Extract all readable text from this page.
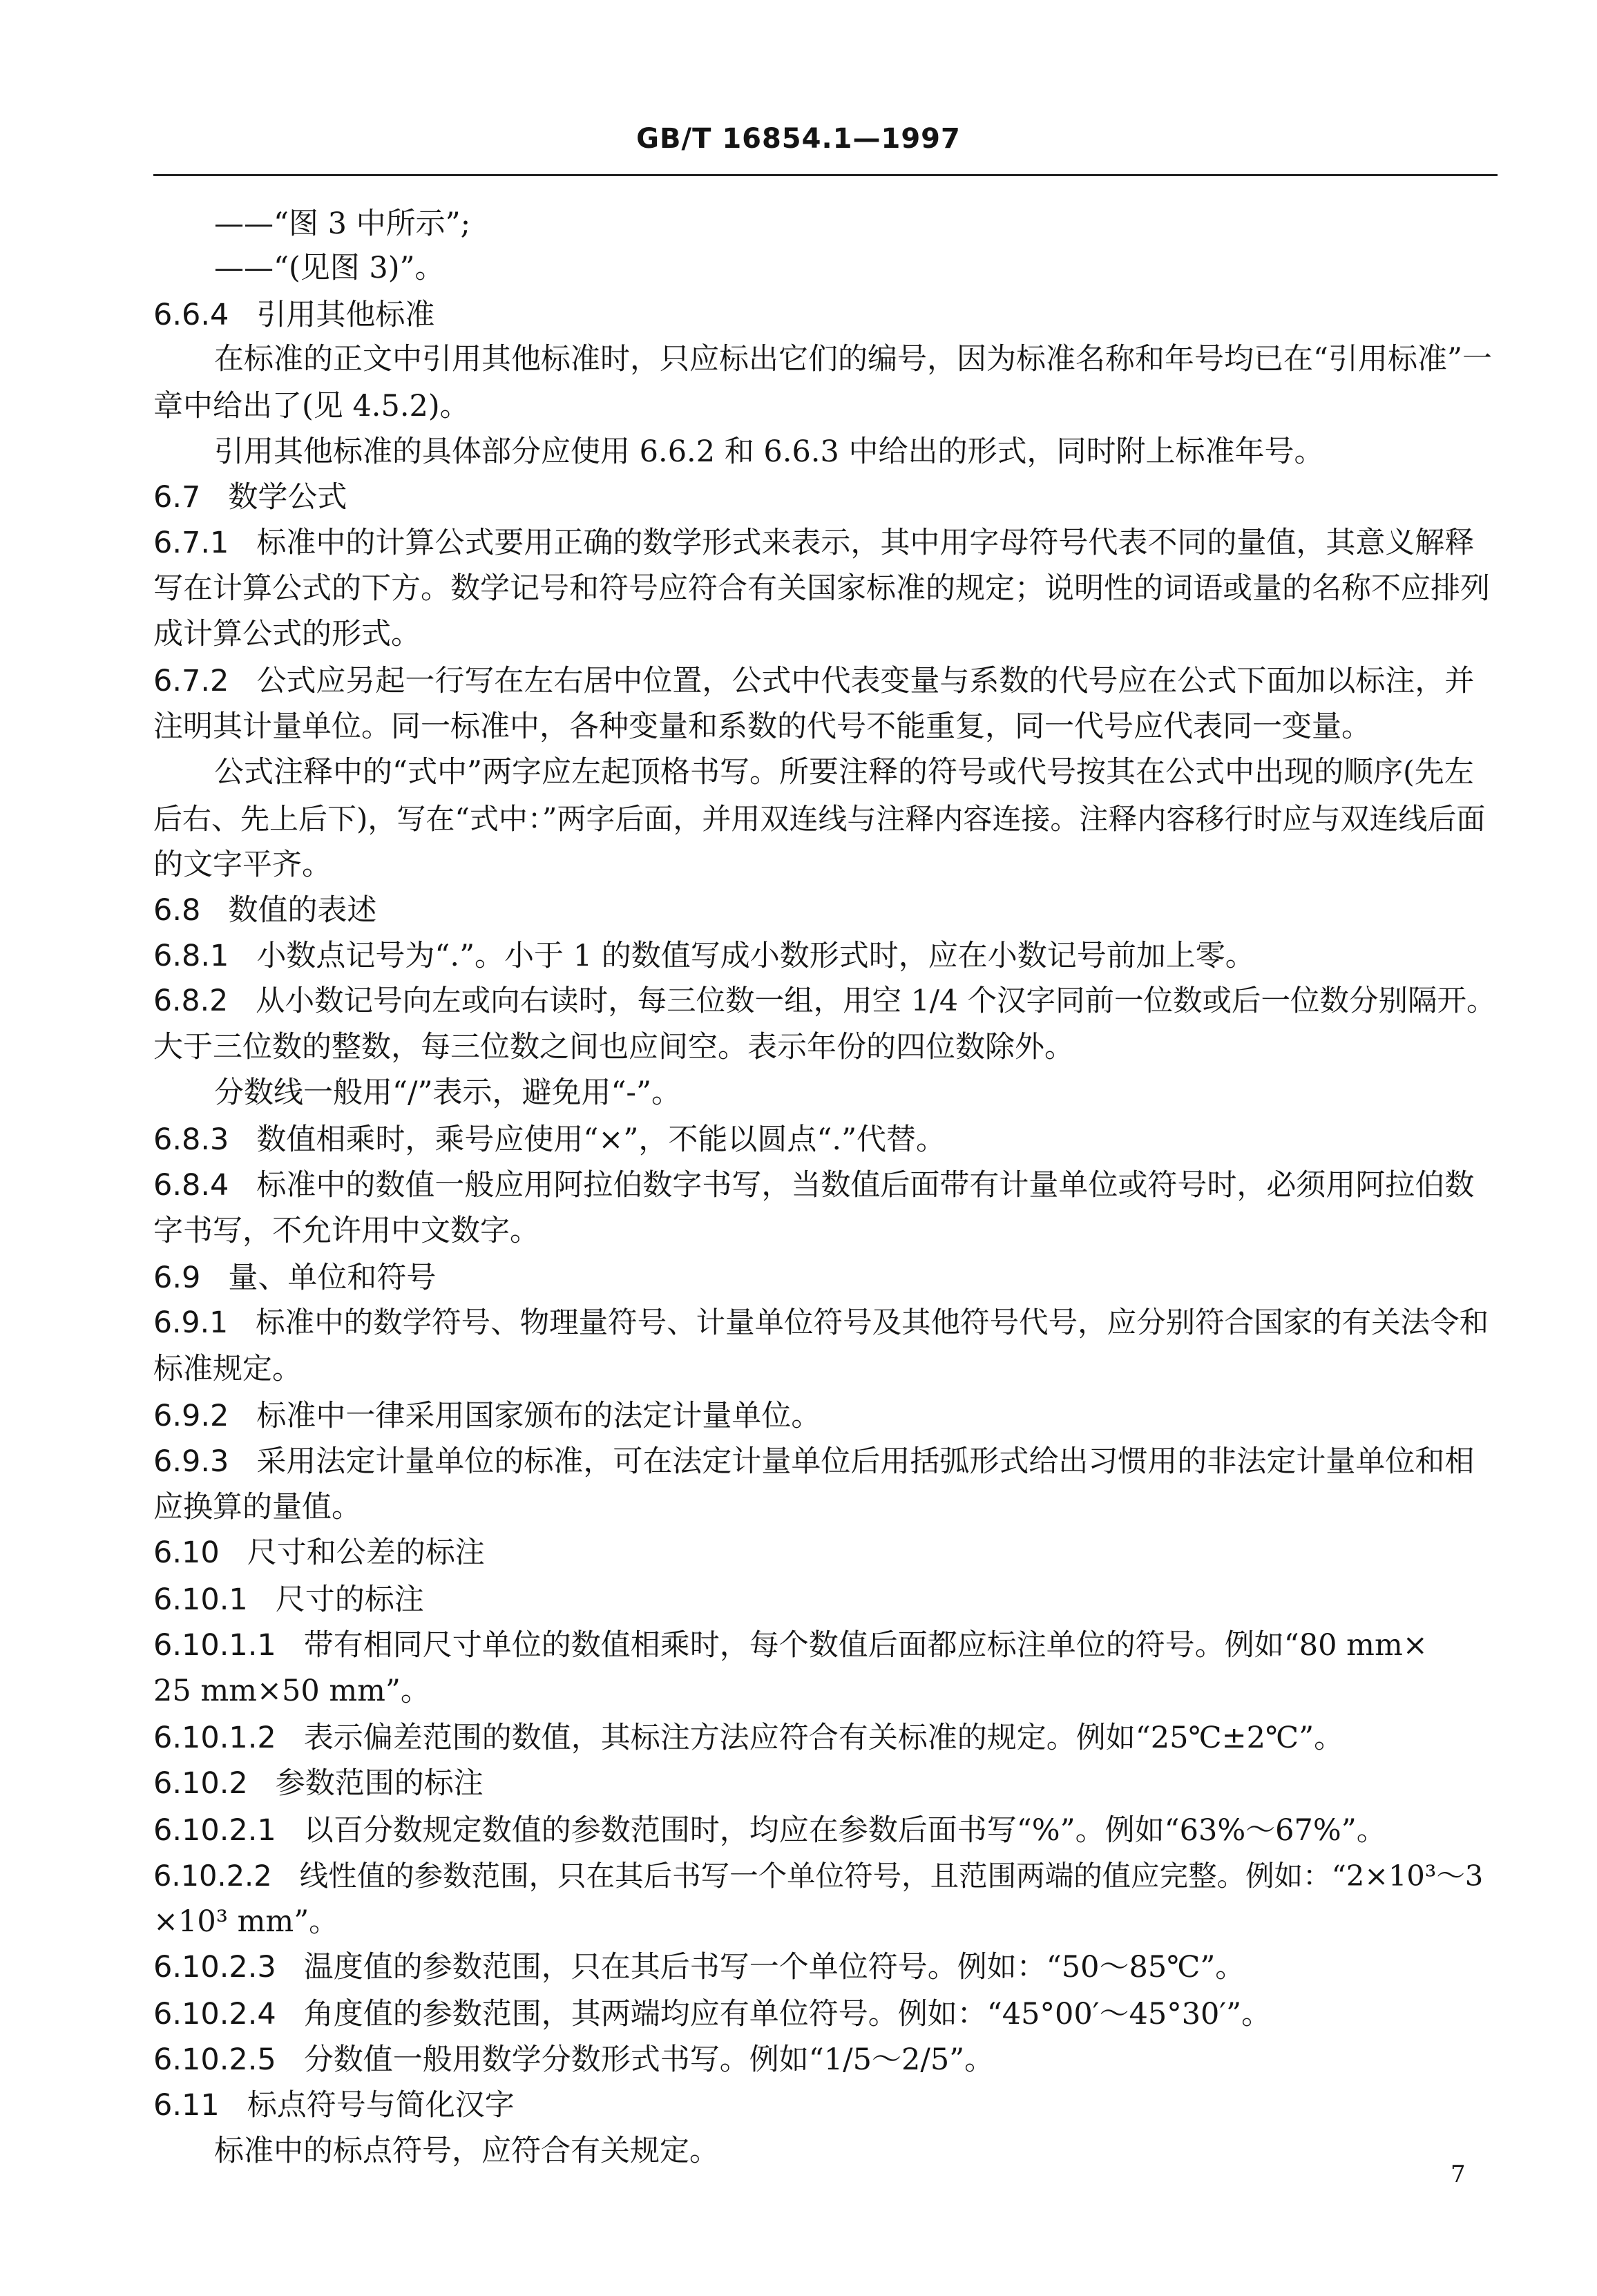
GB/T 16854.1—1997
——“图 3 中所示”;
——“(见图 3)”。
6.6.4 引用其他标准
在标准的正文中引用其他标准时，只应标出它们的编号，因为标准名称和年号均已在“引用标准”一
章中给出了(见 4.5.2)。
引用其他标准的具体部分应使用 6.6.2 和 6.6.3 中给出的形式，同时附上标准年号。
6.7 数学公式
6.7.1 标准中的计算公式要用正确的数学形式来表示，其中用字母符号代表不同的量值，其意义解释
写在计算公式的下方。数学记号和符号应符合有关国家标准的规定；说明性的词语或量的名称不应排列
成计算公式的形式。
6.7.2 公式应另起一行写在左右居中位置，公式中代表变量与系数的代号应在公式下面加以标注，并
注明其计量单位。同一标准中，各种变量和系数的代号不能重复，同一代号应代表同一变量。
公式注释中的“式中”两字应左起顶格书写。所要注释的符号或代号按其在公式中出现的顺序(先左
后右、先上后下)，写在“式中：”两字后面，并用双连线与注释内容连接。注释内容移行时应与双连线后面
的文字平齐。
6.8 数值的表述
6.8.1 小数点记号为“.”。小于 1 的数值写成小数形式时，应在小数记号前加上零。
6.8.2 从小数记号向左或向右读时，每三位数一组，用空 1/4 个汉字同前一位数或后一位数分别隔开。
大于三位数的整数，每三位数之间也应间空。表示年份的四位数除外。
分数线一般用“/”表示，避免用“-”。
6.8.3 数值相乘时，乘号应使用“×”，不能以圆点“.”代替。
6.8.4 标准中的数值一般应用阿拉伯数字书写，当数值后面带有计量单位或符号时，必须用阿拉伯数
字书写，不允许用中文数字。
6.9 量、单位和符号
6.9.1 标准中的数学符号、物理量符号、计量单位符号及其他符号代号，应分别符合国家的有关法令和
标准规定。
6.9.2 标准中一律采用国家颁布的法定计量单位。
6.9.3 采用法定计量单位的标准，可在法定计量单位后用括弧形式给出习惯用的非法定计量单位和相
应换算的量值。
6.10 尺寸和公差的标注
6.10.1 尺寸的标注
6.10.1.1 带有相同尺寸单位的数值相乘时，每个数值后面都应标注单位的符号。例如“80 mm×
25 mm×50 mm”。
6.10.1.2 表示偏差范围的数值，其标注方法应符合有关标准的规定。例如“25℃±2℃”。
6.10.2 参数范围的标注
6.10.2.1 以百分数规定数值的参数范围时，均应在参数后面书写“%”。例如“63%～67%”。
6.10.2.2 线性值的参数范围，只在其后书写一个单位符号，且范围两端的值应完整。例如：“2×10³～3
×10³ mm”。
6.10.2.3 温度值的参数范围，只在其后书写一个单位符号。例如：“50～85℃”。
6.10.2.4 角度值的参数范围，其两端均应有单位符号。例如：“45°00′～45°30′”。
6.10.2.5 分数值一般用数学分数形式书写。例如“1/5～2/5”。
6.11 标点符号与简化汉字
标准中的标点符号，应符合有关规定。
7
